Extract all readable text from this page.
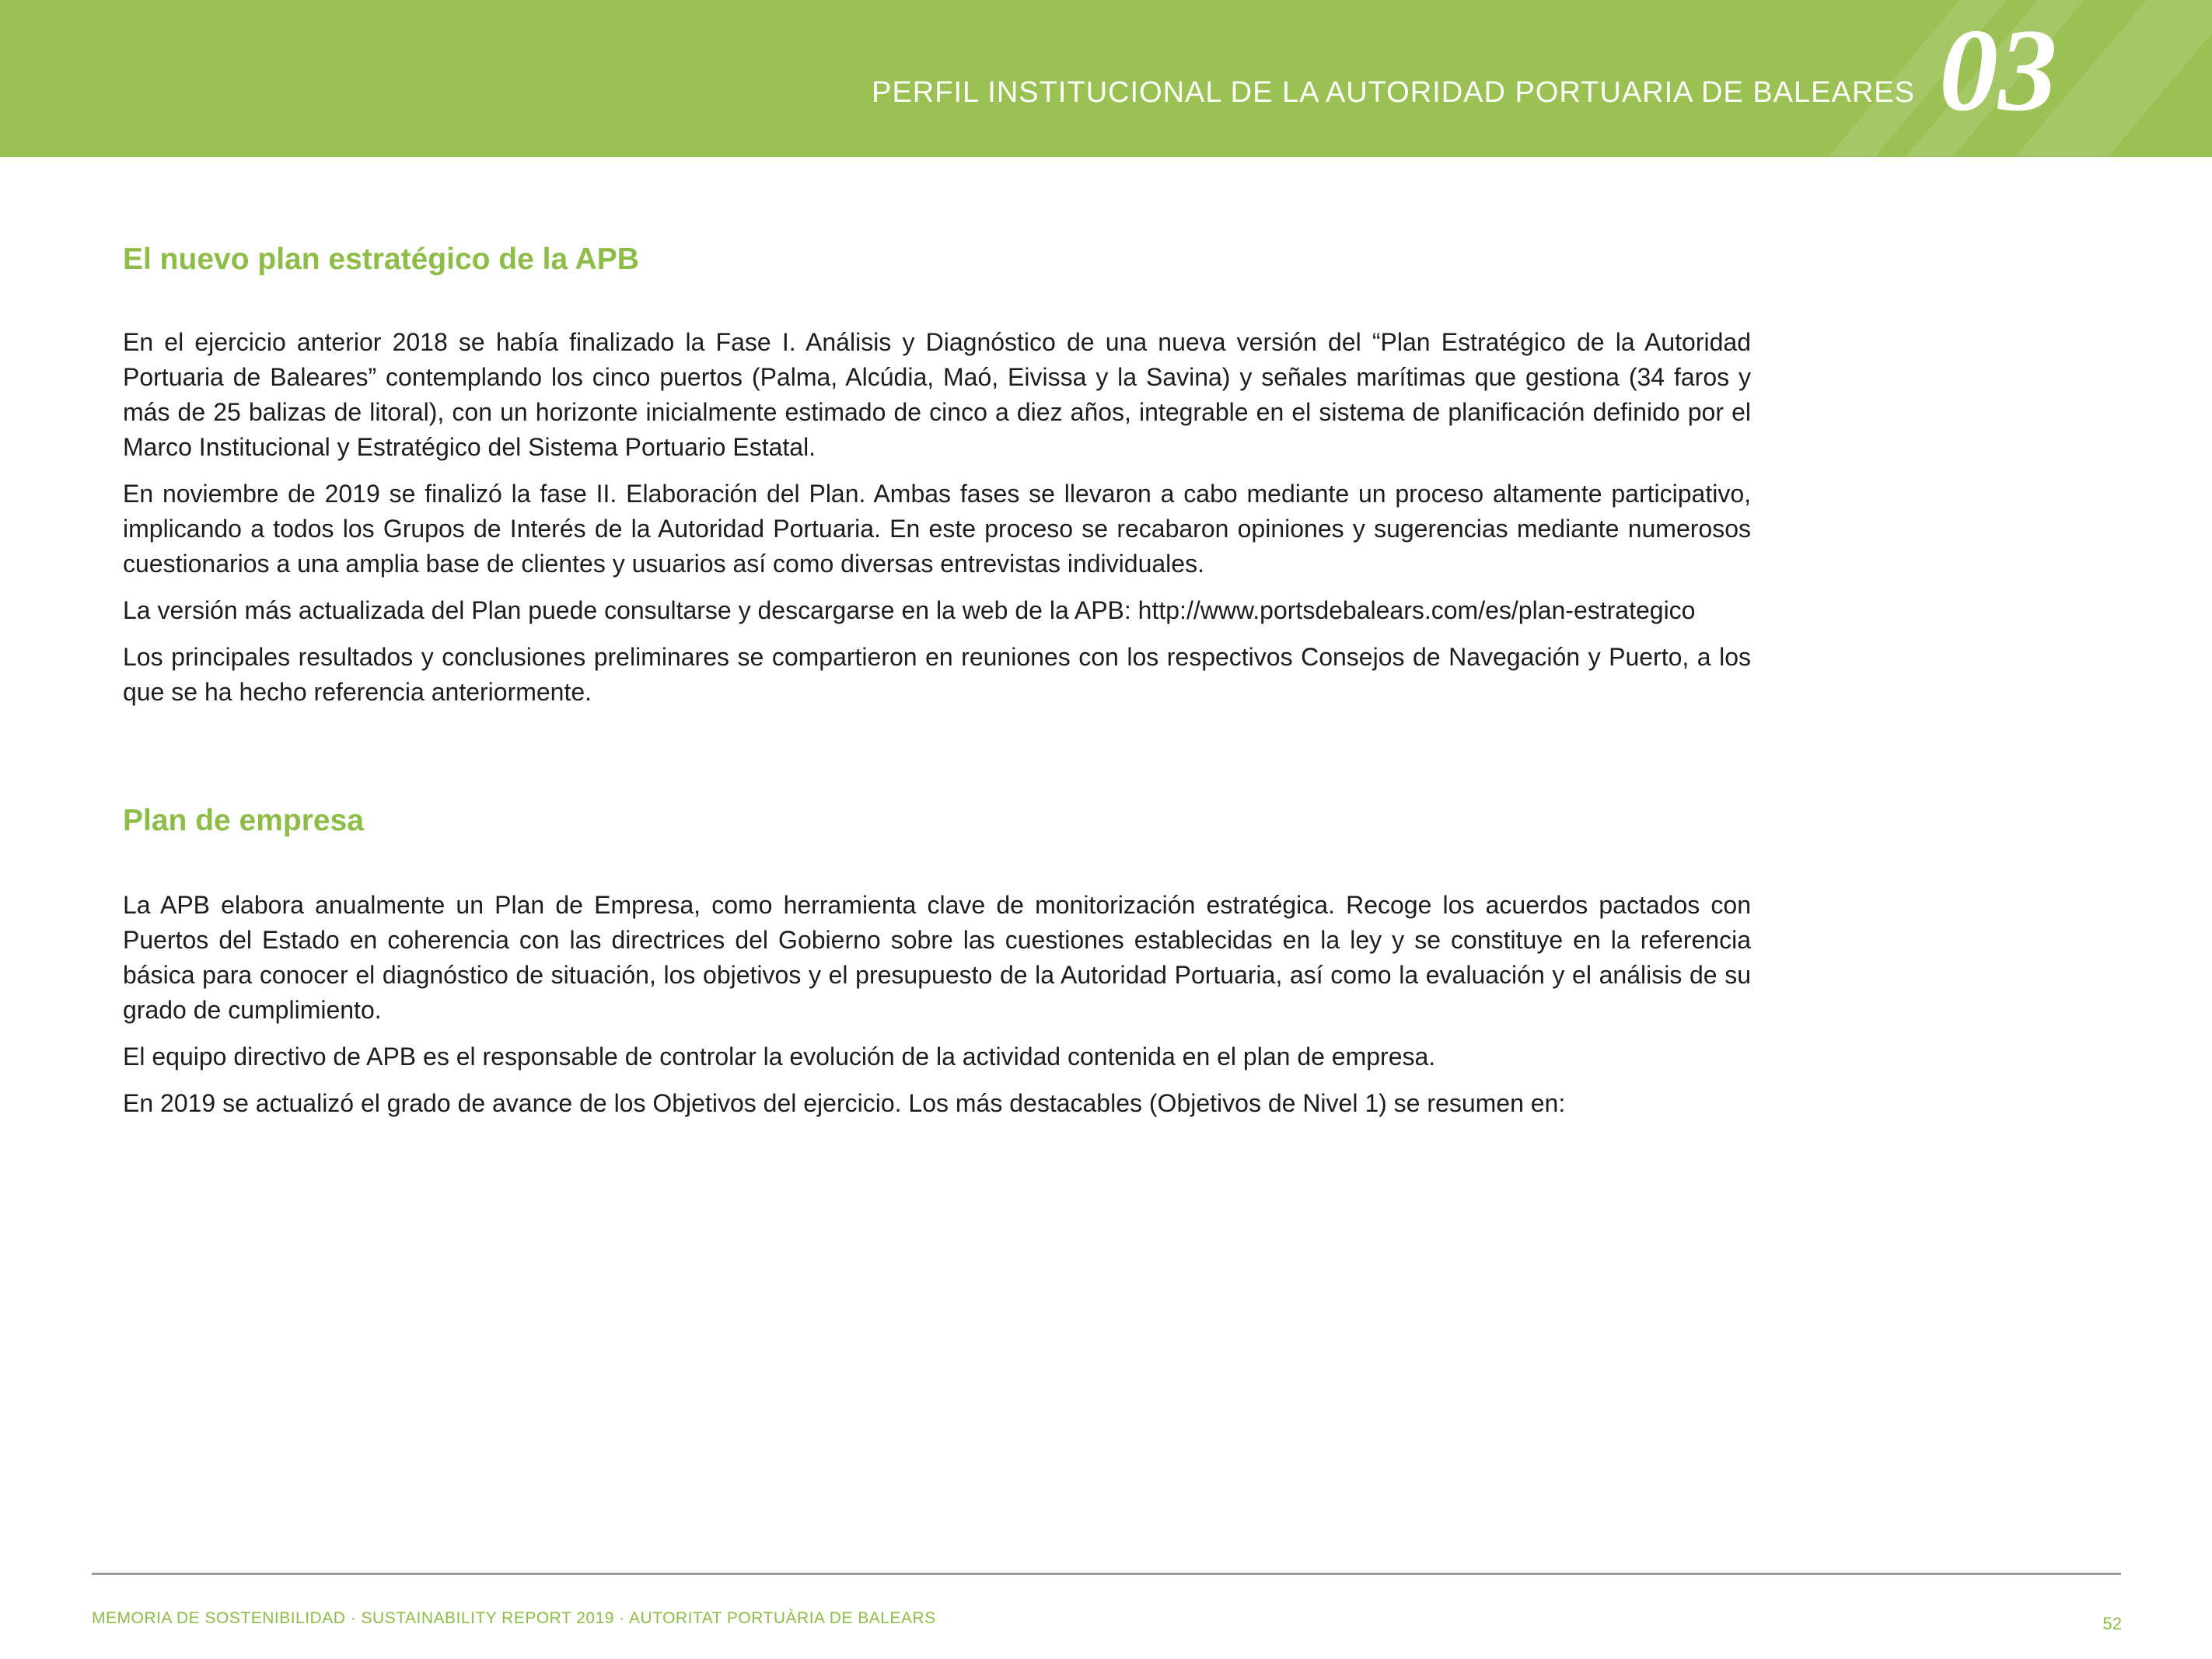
PERFIL INSTITUCIONAL DE LA AUTORIDAD PORTUARIA DE BALEARES 03
El nuevo plan estratégico de la APB

En el ejercicio anterior 2018 se había finalizado la Fase I. Análisis y Diagnóstico de una nueva versión del “Plan Estratégico de la Autoridad Portuaria de Baleares” contemplando los cinco puertos (Palma, Alcúdia, Maó, Eivissa y la Savina) y señales marítimas que gestiona (34 faros y más de 25 balizas de litoral), con un horizonte inicialmente estimado de cinco a diez años, integrable en el sistema de planificación definido por el Marco Institucional y Estratégico del Sistema Portuario Estatal.

En noviembre de 2019 se finalizó la fase II. Elaboración del Plan. Ambas fases se llevaron a cabo mediante un proceso altamente participativo, implicando a todos los Grupos de Interés de la Autoridad Portuaria. En este proceso se recabaron opiniones y sugerencias mediante numerosos cuestionarios a una amplia base de clientes y usuarios así como diversas entrevistas individuales.

La versión más actualizada del Plan puede consultarse y descargarse en la web de la APB: http://www.portsdebalears.com/es/plan-estrategico

Los principales resultados y conclusiones preliminares se compartieron en reuniones con los respectivos Consejos de Navegación y Puerto, a los que se ha hecho referencia anteriormente.

Plan de empresa

La APB elabora anualmente un Plan de Empresa, como herramienta clave de monitorización estratégica. Recoge los acuerdos pactados con Puertos del Estado en coherencia con las directrices del Gobierno sobre las cuestiones establecidas en la ley y se constituye en la referencia básica para conocer el diagnóstico de situación, los objetivos y el presupuesto de la Autoridad Portuaria, así como la evaluación y el análisis de su grado de cumplimiento.

El equipo directivo de APB es el responsable de controlar la evolución de la actividad contenida en el plan de empresa.

En 2019 se actualizó el grado de avance de los Objetivos del ejercicio. Los más destacables (Objetivos de Nivel 1) se resumen en:

MEMORIA DE SOSTENIBILIDAD · SUSTAINABILITY REPORT 2019 · AUTORITAT PORTUÀRIA DE BALEARS	52
